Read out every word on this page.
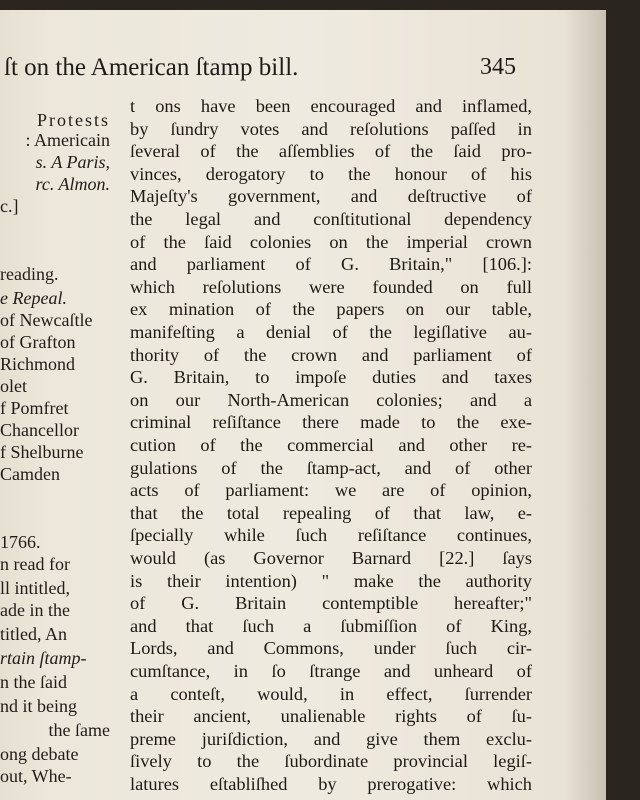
ſt on the American ſtamp bill.	345
Protests
: Americain
s. A Paris,
rc. Almon.
c.]
reading.
e Repeal.
of Newcaſtle
of Grafton
Richmond
olet
f Pomfret
Chancellor
f Shelburne
Camden
1766.
n read for
ll intitled,
ade in the
titled, An
rtain ſtamp-
n the ſaid
nd it being
the ſame
ong debate
out, Whe-
t ons have been encouraged and inflamed,
by ſundry votes and reſolutions paſſed in
ſeveral of the aſſemblies of the ſaid pro-
vinces, derogatory to the honour of his
Majeſty's government, and deſtructive of
the legal and conſtitutional dependency
of the ſaid colonies on the imperial crown
and parliament of G. Britain," [106.]:
which reſolutions were founded on full
ex mination of the papers on our table,
manifeſting a denial of the legiſlative au-
thority of the crown and parliament of
G. Britain, to impoſe duties and taxes
on our North-American colonies; and a
criminal reſiſtance there made to the exe-
cution of the commercial and other re-
gulations of the ſtamp-act, and of other
acts of parliament: we are of opinion,
that the total repealing of that law, e-
ſpecially while ſuch reſiſtance continues,
would (as Governor Barnard [22.] ſays
is their intention) " make the authority
of G. Britain contemptible hereafter;"
and that ſuch a ſubmiſſion of King,
Lords, and Commons, under ſuch cir-
cumſtance, in ſo ſtrange and unheard of
a conteſt, would, in effect, ſurrender
their ancient, unalienable rights of ſu-
preme juriſdiction, and give them exclu-
ſively to the ſubordinate provincial legiſ-
latures eſtabliſhed by prerogative: which
